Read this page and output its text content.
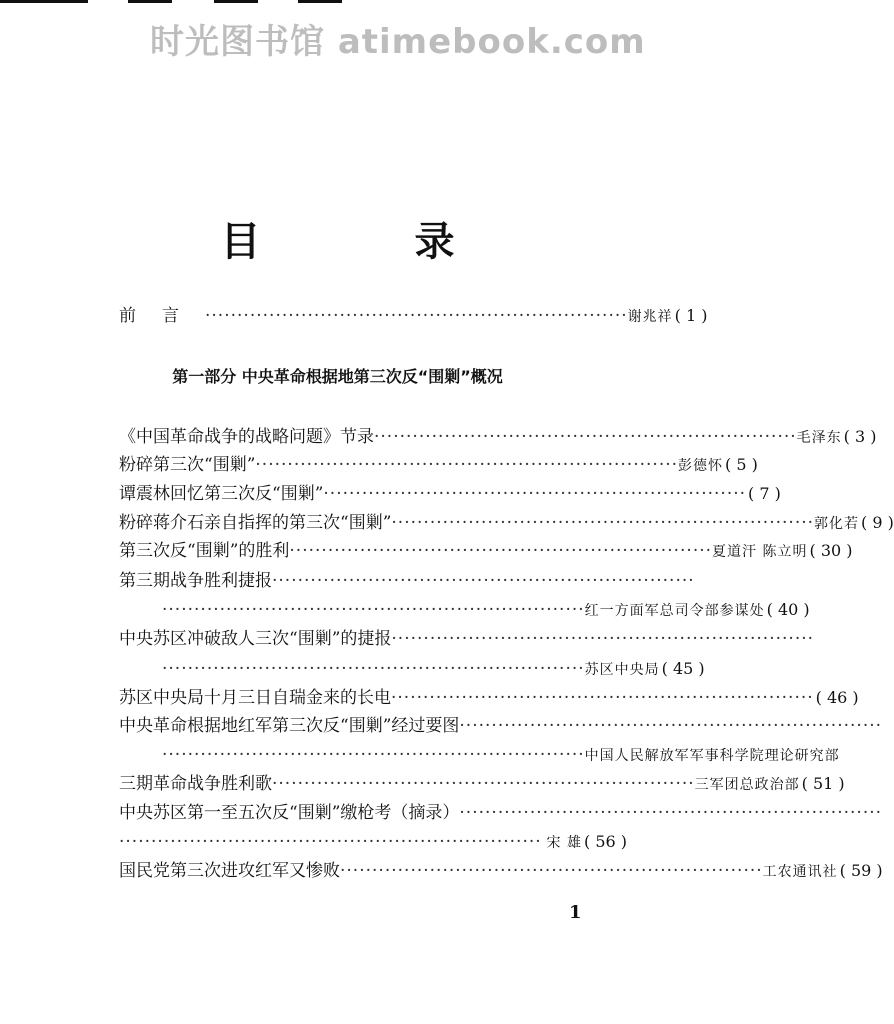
时光图书馆 atimebook.com
目 录
前言 ·································································· 谢兆祥 ( 1 )
第一部分 中央革命根据地第三次反“围剿”概况
《中国革命战争的战略问题》节录 ·································································· 毛泽东 ( 3 )
粉碎第三次“围剿” ·································································· 彭德怀 ( 5 )
谭震林回忆第三次反“围剿” ·································································· ( 7 )
粉碎蒋介石亲自指挥的第三次“围剿” ·································································· 郭化若 ( 9 )
第三次反“围剿”的胜利 ·································································· 夏道汗 陈立明 ( 30 )
第三期战争胜利捷报 ··································································
·································································· 红一方面军总司令部参谋处 ( 40 )
中央苏区冲破敌人三次“围剿”的捷报 ··································································
·································································· 苏区中央局 ( 45 )
苏区中央局十月三日自瑞金来的长电 ·································································· ( 46 )
中央革命根据地红军第三次反“围剿”经过要图 ··································································
·································································· 中国人民解放军军事科学院理论研究部
三期革命战争胜利歌 ·································································· 三军团总政治部 ( 51 )
中央苏区第一至五次反“围剿”缴枪考（摘录） ··································································
·································································· 宋 雄 ( 56 )
国民党第三次进攻红军又惨败 ·································································· 工农通讯社 ( 59 )
1
